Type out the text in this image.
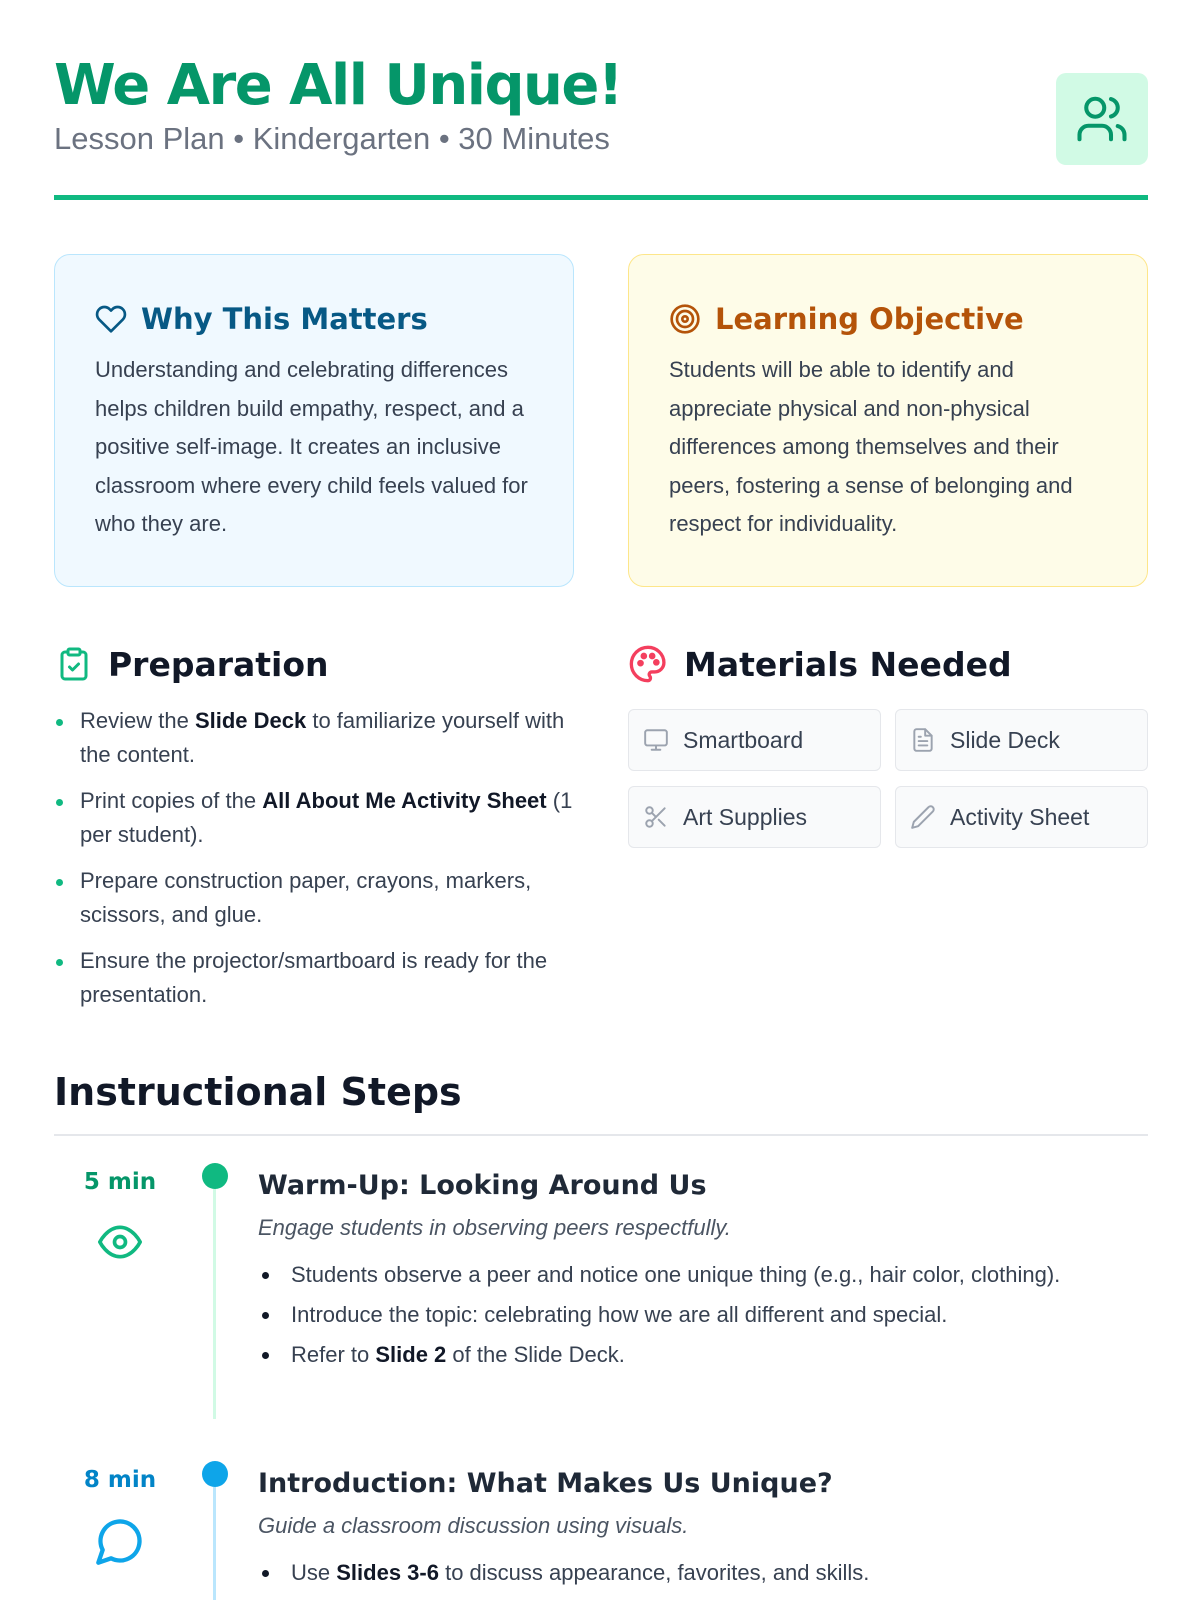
We Are All Unique!
Lesson Plan • Kindergarten • 30 Minutes
Why This Matters
Understanding and celebrating differences helps children build empathy, respect, and a positive self-image. It creates an inclusive classroom where every child feels valued for who they are.
Learning Objective
Students will be able to identify and appreciate physical and non-physical differences among themselves and their peers, fostering a sense of belonging and respect for individuality.
Preparation
Review the Slide Deck to familiarize yourself with the content.
Print copies of the All About Me Activity Sheet (1 per student).
Prepare construction paper, crayons, markers, scissors, and glue.
Ensure the projector/smartboard is ready for the presentation.
Materials Needed
Smartboard	Slide Deck
Art Supplies	Activity Sheet
Instructional Steps
5 min	Warm-Up: Looking Around Us
Engage students in observing peers respectfully.
Students observe a peer and notice one unique thing (e.g., hair color, clothing).
Introduce the topic: celebrating how we are all different and special.
Refer to Slide 2 of the Slide Deck.
8 min	Introduction: What Makes Us Unique?
Guide a classroom discussion using visuals.
Use Slides 3-6 to discuss appearance, favorites, and skills.
